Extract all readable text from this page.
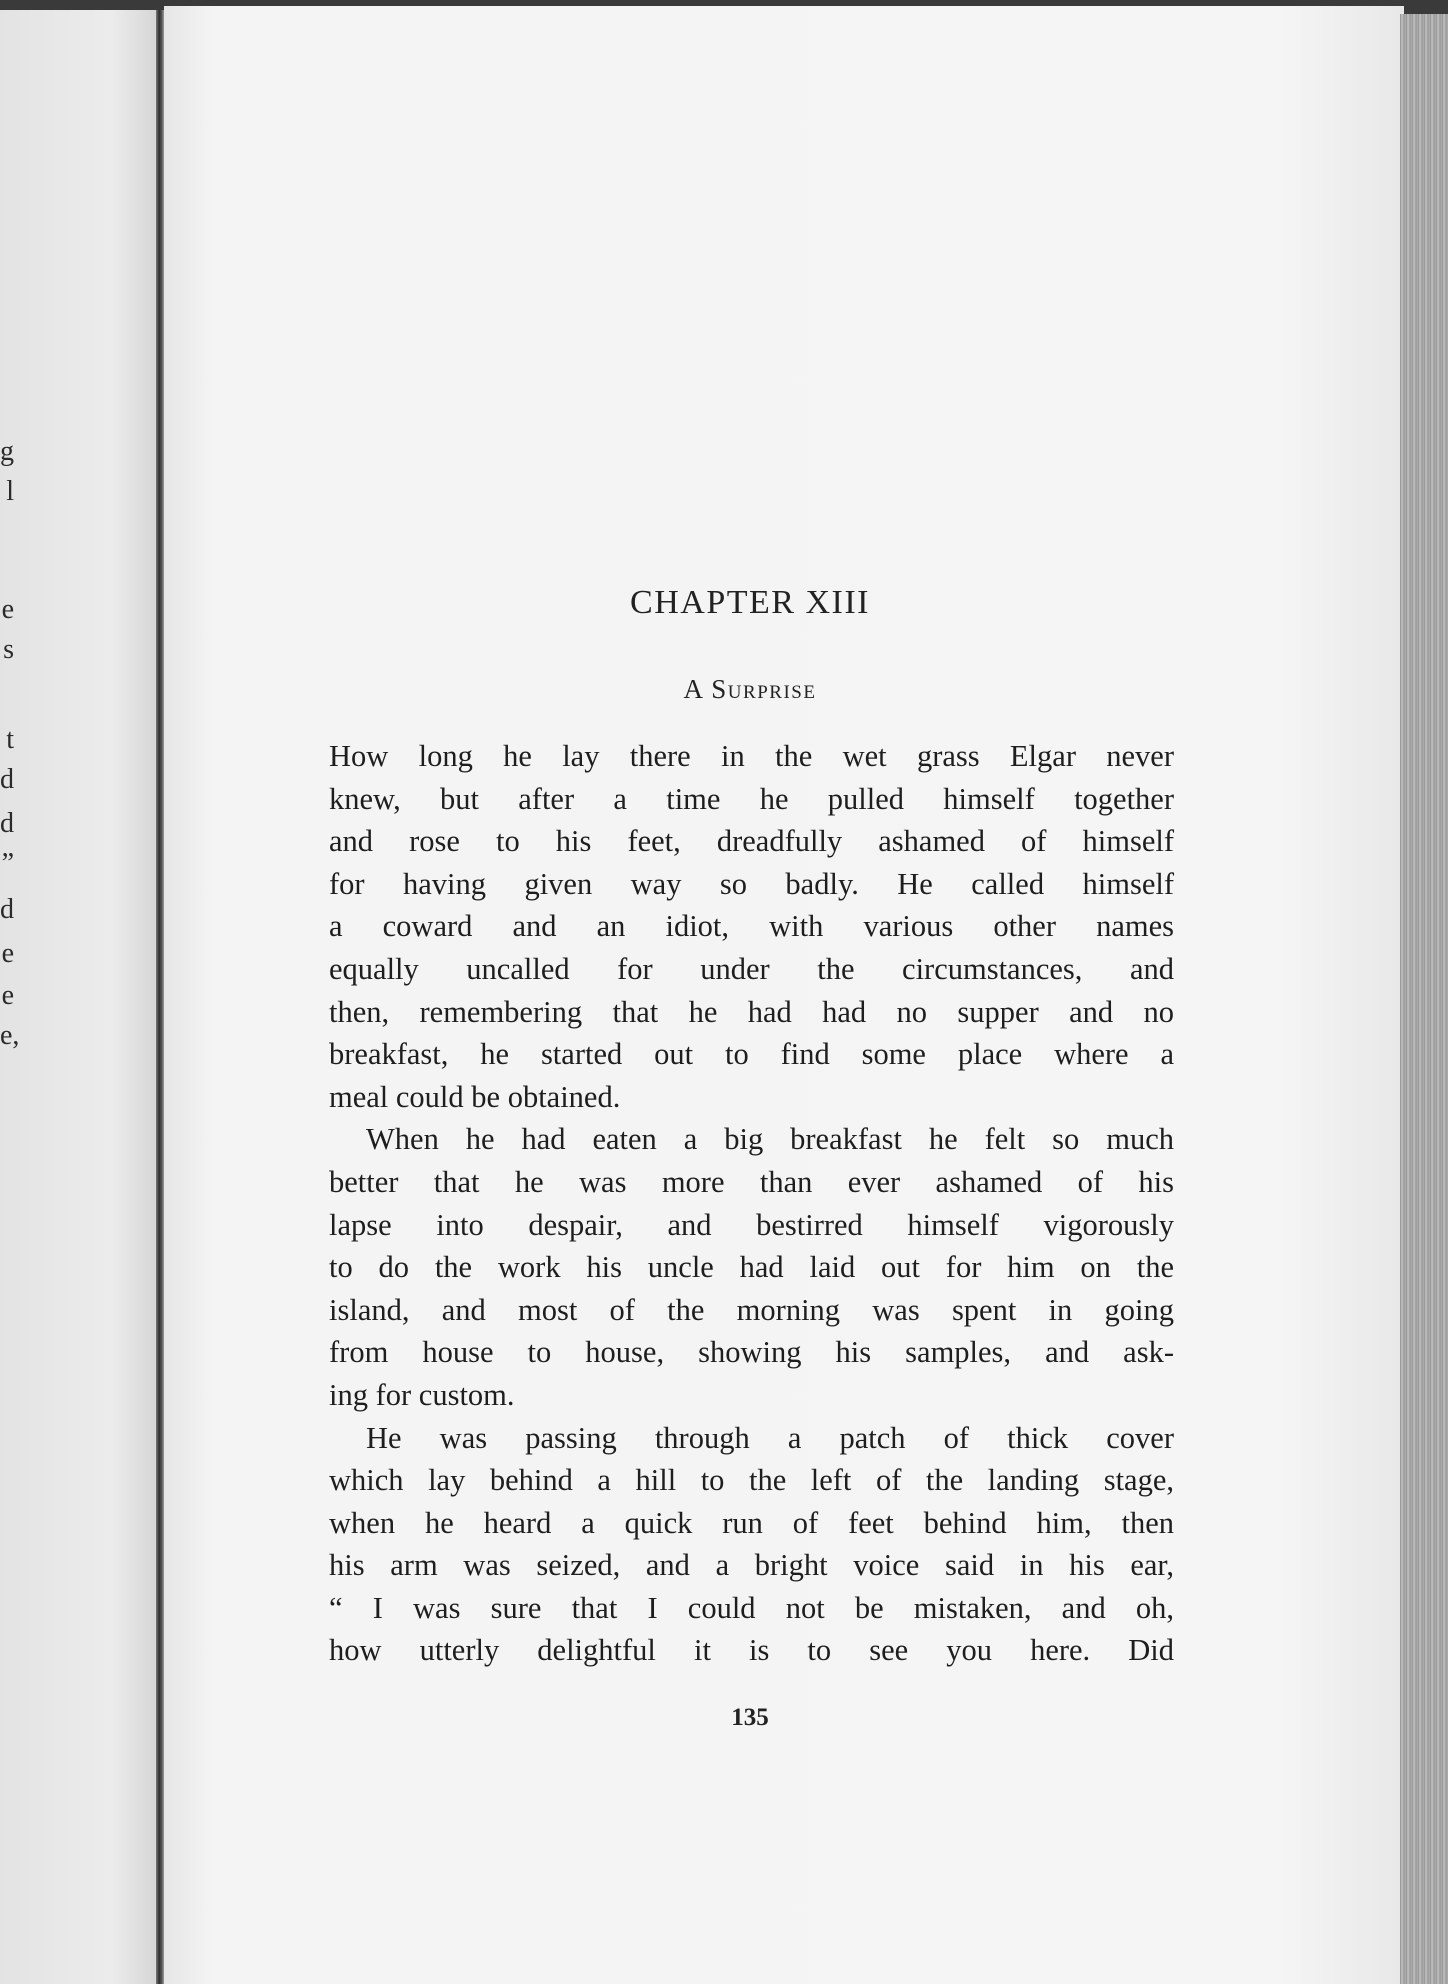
g
l
e
s
t
d
d
”
d
e
e
e,
CHAPTER XIII
A Surprise
How long he lay there in the wet grass Elgar never
knew, but after a time he pulled himself together
and rose to his feet, dreadfully ashamed of himself
for having given way so badly. He called himself
a coward and an idiot, with various other names
equally uncalled for under the circumstances, and
then, remembering that he had had no supper and no
breakfast, he started out to find some place where a
meal could be obtained.
When he had eaten a big breakfast he felt so much
better that he was more than ever ashamed of his
lapse into despair, and bestirred himself vigorously
to do the work his uncle had laid out for him on the
island, and most of the morning was spent in going
from house to house, showing his samples, and ask-
ing for custom.
He was passing through a patch of thick cover
which lay behind a hill to the left of the landing stage,
when he heard a quick run of feet behind him, then
his arm was seized, and a bright voice said in his ear,
“ I was sure that I could not be mistaken, and oh,
how utterly delightful it is to see you here. Did
135
